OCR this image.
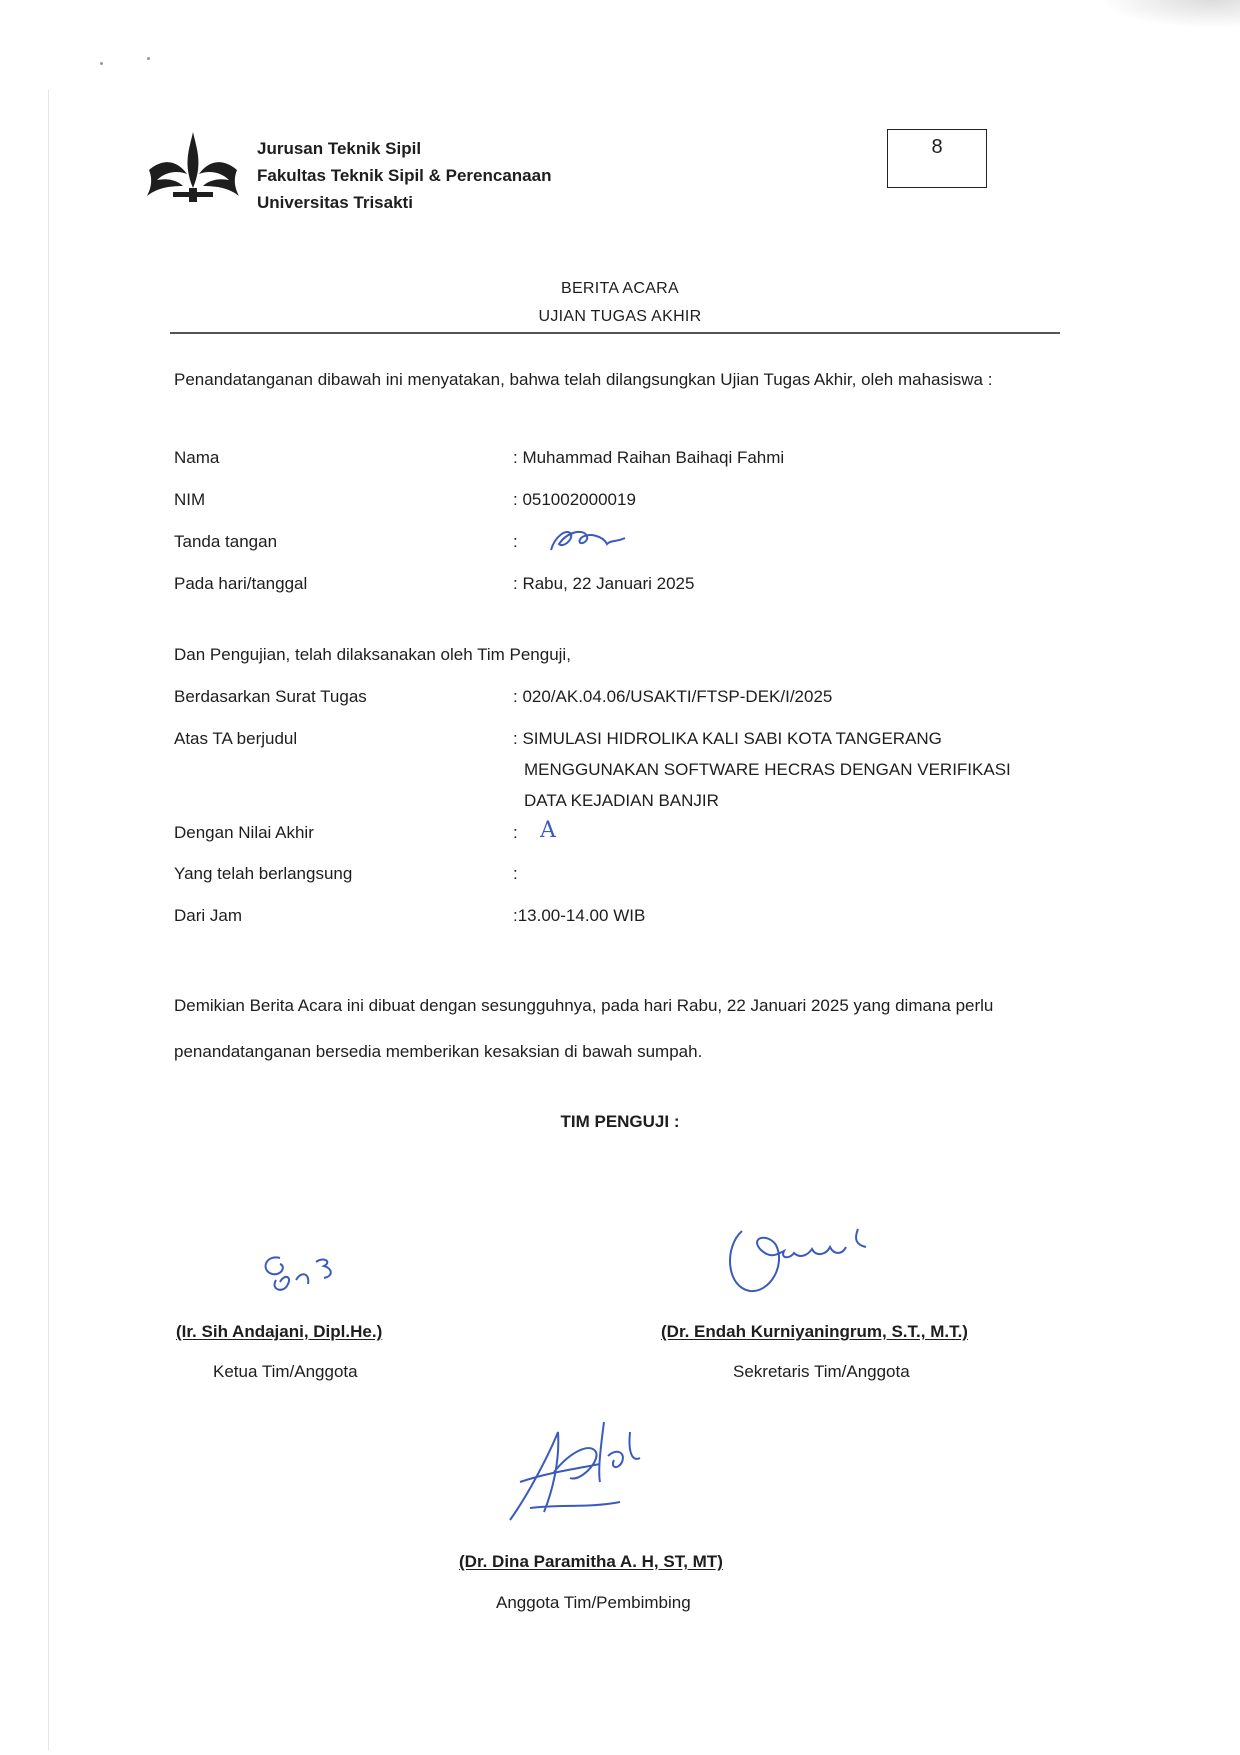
Jurusan Teknik Sipil
Fakultas Teknik Sipil & Perencanaan
Universitas Trisakti
8
BERITA ACARA
UJIAN TUGAS AKHIR
Penandatanganan dibawah ini menyatakan, bahwa telah dilangsungkan Ujian Tugas Akhir, oleh mahasiswa :
Nama	: Muhammad Raihan Baihaqi Fahmi
NIM	: 051002000019
Tanda tangan	:
Pada hari/tanggal	: Rabu, 22 Januari 2025
Dan Pengujian, telah dilaksanakan oleh Tim Penguji,
Berdasarkan Surat Tugas	: 020/AK.04.06/USAKTI/FTSP-DEK/I/2025
Atas TA berjudul	: SIMULASI HIDROLIKA KALI SABI KOTA TANGERANG
MENGGUNAKAN SOFTWARE HECRAS DENGAN VERIFIKASI
DATA KEJADIAN BANJIR
Dengan Nilai Akhir	: A
Yang telah berlangsung	:
Dari Jam	:13.00-14.00 WIB
Demikian Berita Acara ini dibuat dengan sesungguhnya, pada hari Rabu, 22 Januari 2025 yang dimana perlu penandatanganan bersedia memberikan kesaksian di bawah sumpah.
TIM PENGUJI :
(Ir. Sih Andajani, Dipl.He.)
Ketua Tim/Anggota
(Dr. Endah Kurniyaningrum, S.T., M.T.)
Sekretaris Tim/Anggota
(Dr. Dina Paramitha A. H, ST, MT)
Anggota Tim/Pembimbing
